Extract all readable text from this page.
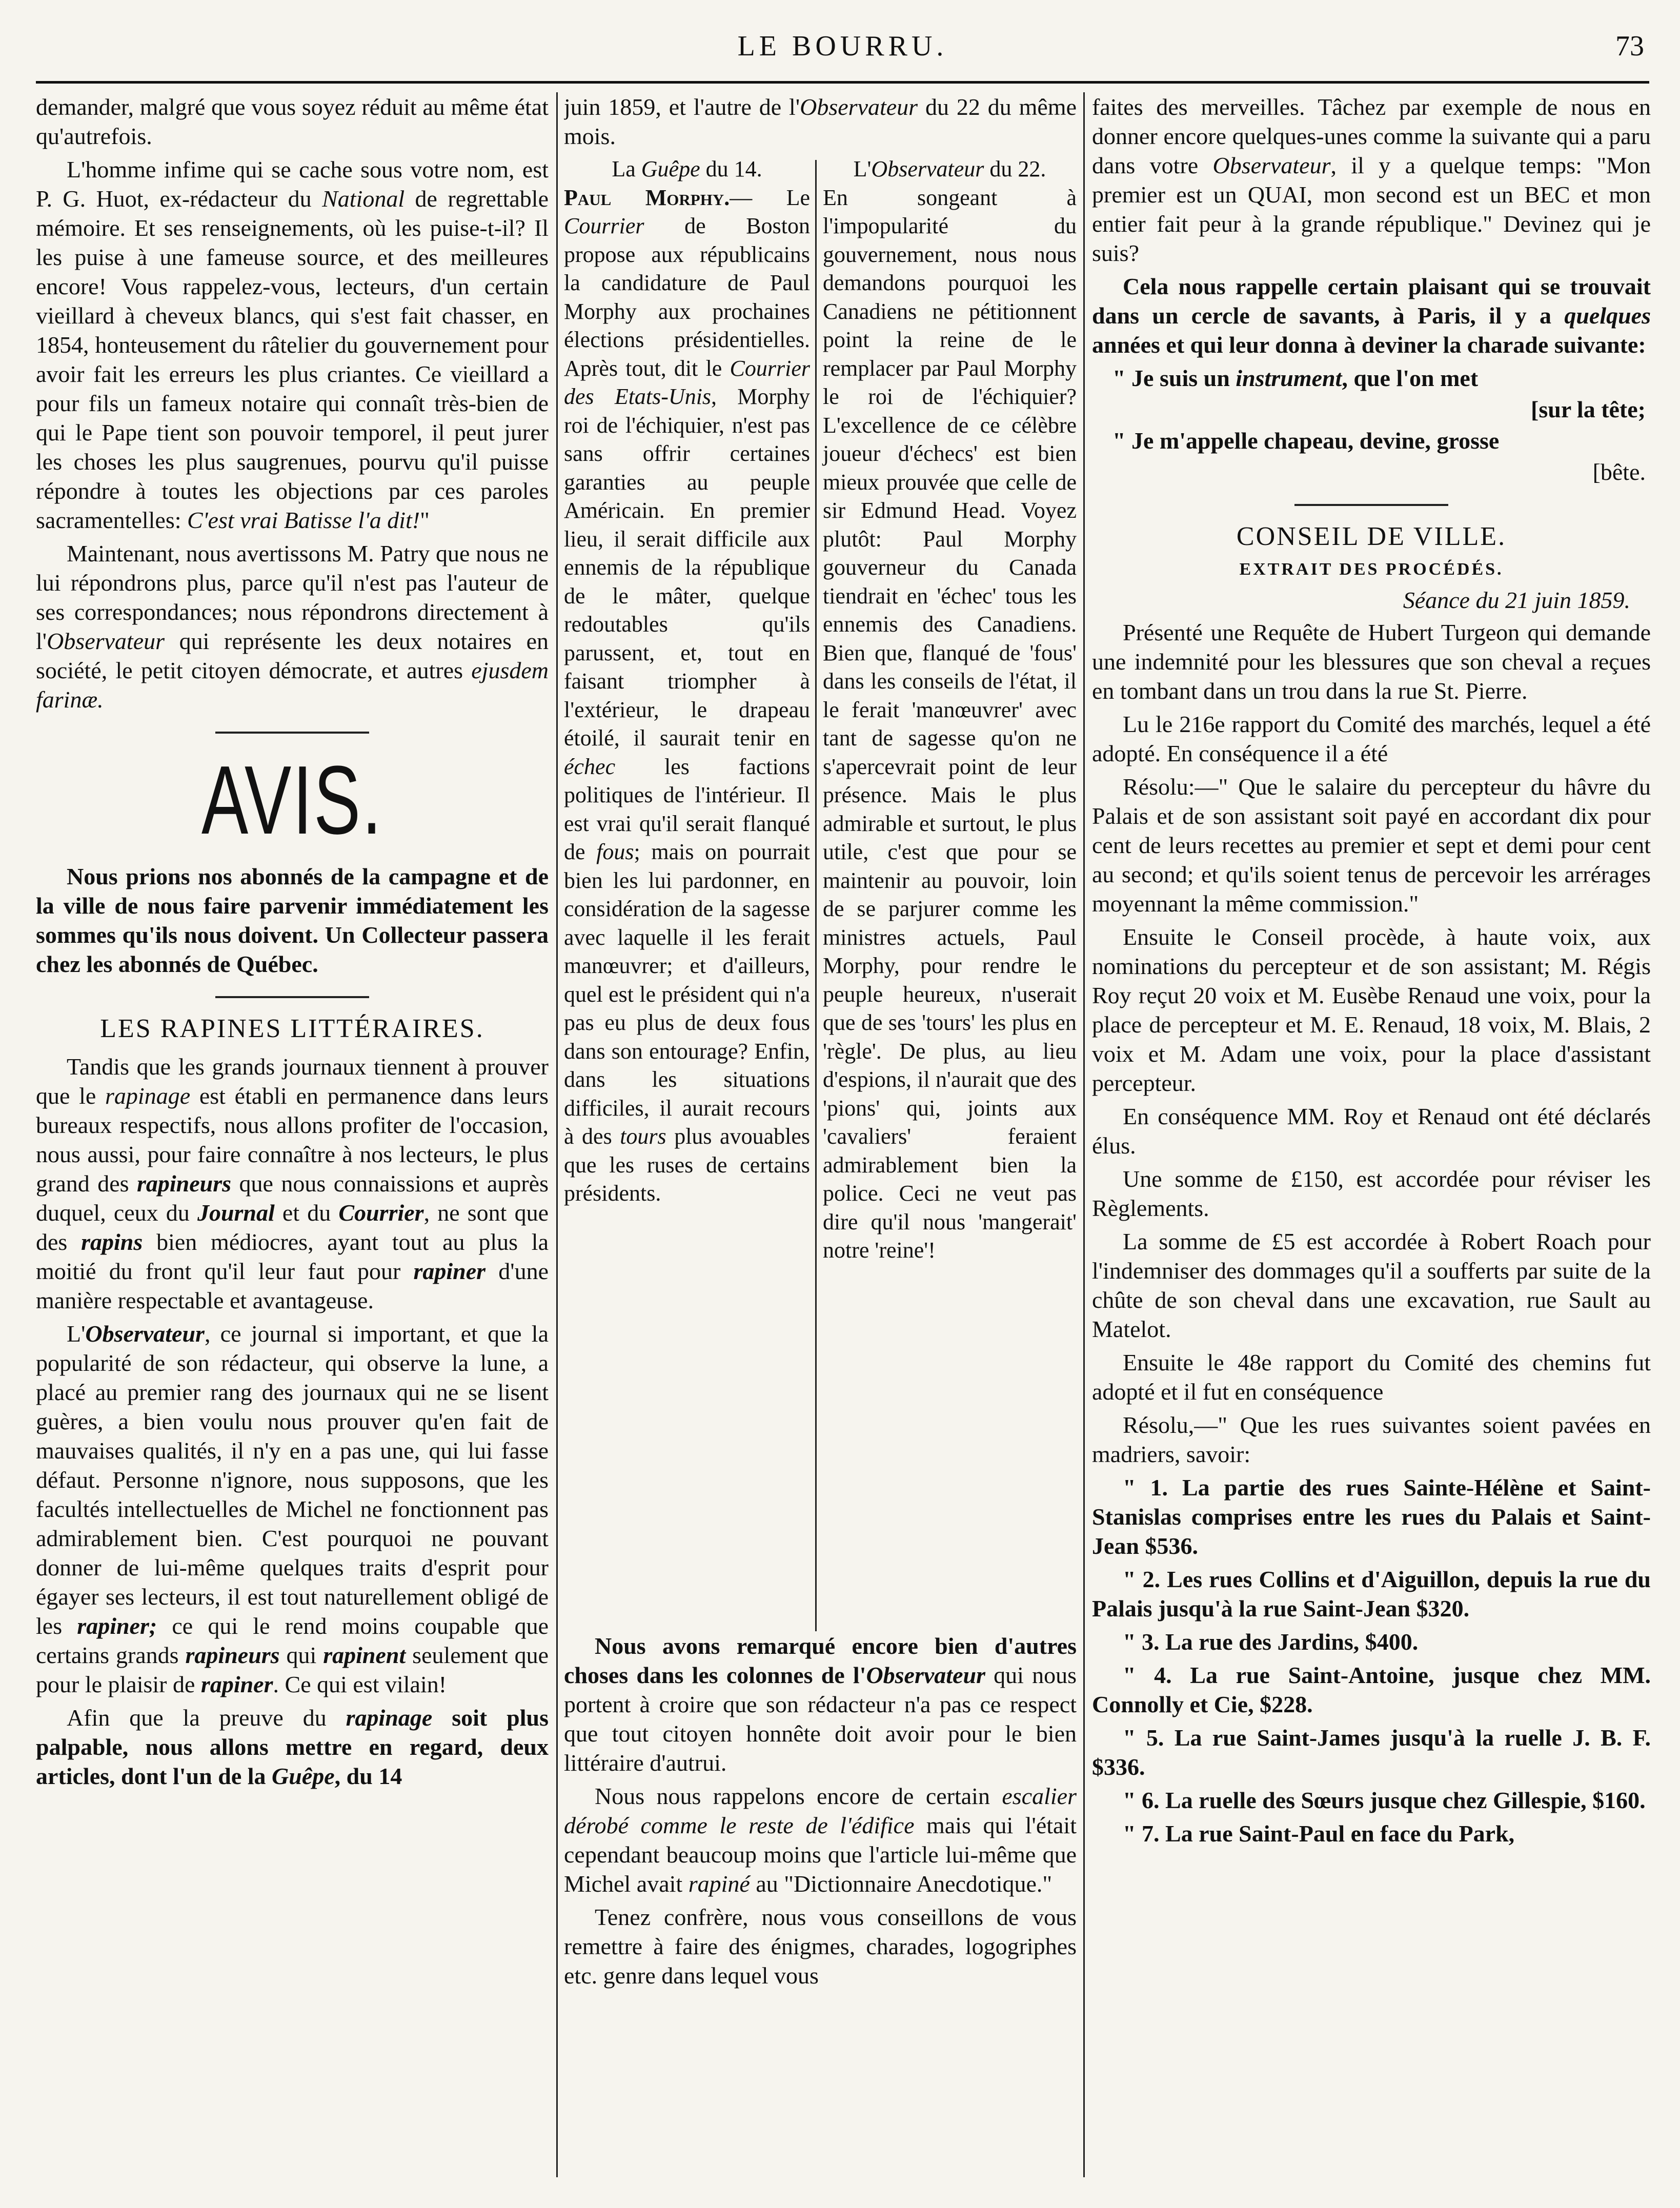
LE BOURRU.	73

demander, malgré que vous soyez réduit au même état qu'autrefois.

L'homme infime qui se cache sous votre nom, est P. G. Huot, ex-rédacteur du National de regrettable mémoire. Et ses renseignements, où les puise-t-il? Il les puise à une fameuse source, et des meilleures encore! Vous rappelez-vous, lecteurs, d'un certain vieillard à cheveux blancs, qui s'est fait chasser, en 1854, honteusement du râtelier du gouvernement pour avoir fait les erreurs les plus criantes. Ce vieillard a pour fils un fameux notaire qui connaît très-bien de qui le Pape tient son pouvoir temporel, il peut jurer les choses les plus saugrenues, pourvu qu'il puisse répondre à toutes les objections par ces paroles sacramentelles: C'est vrai Batisse l'a dit!"

Maintenant, nous avertissons M. Patry que nous ne lui répondrons plus, parce qu'il n'est pas l'auteur de ses correspondances; nous répondrons directement à l'Observateur qui représente les deux notaires en société, le petit citoyen démocrate, et autres ejusdem farinæ.

AVIS.

Nous prions nos abonnés de la campagne et de la ville de nous faire parvenir immédiatement les sommes qu'ils nous doivent. Un Collecteur passera chez les abonnés de Québec.

LES RAPINES LITTÉRAIRES.

Tandis que les grands journaux tiennent à prouver que le rapinage est établi en permanence dans leurs bureaux respectifs, nous allons profiter de l'occasion, nous aussi, pour faire connaître à nos lecteurs, le plus grand des rapineurs que nous connaissions et auprès duquel, ceux du Journal et du Courrier, ne sont que des rapins bien médiocres, ayant tout au plus la moitié du front qu'il leur faut pour rapiner d'une manière respectable et avantageuse.

L'Observateur, ce journal si important, et que la popularité de son rédacteur, qui observe la lune, a placé au premier rang des journaux qui ne se lisent guères, a bien voulu nous prouver qu'en fait de mauvaises qualités, il n'y en a pas une, qui lui fasse défaut. Personne n'ignore, nous supposons, que les facultés intellectuelles de Michel ne fonctionnent pas admirablement bien. C'est pourquoi ne pouvant donner de lui-même quelques traits d'esprit pour égayer ses lecteurs, il est tout naturellement obligé de les rapiner; ce qui le rend moins coupable que certains grands rapineurs qui rapinent seulement que pour le plaisir de rapiner. Ce qui est vilain!

Afin que la preuve du rapinage soit plus palpable, nous allons mettre en regard, deux articles, dont l'un de la Guêpe, du 14

juin 1859, et l'autre de l'Observateur du 22 du même mois.

La Guêpe du 14.

Paul Morphy.— Le Courrier de Boston propose aux républicains la candidature de Paul Morphy aux prochaines élections présidentielles. Après tout, dit le Courrier des Etats-Unis, Morphy roi de l'échiquier, n'est pas sans offrir certaines garanties au peuple Américain. En premier lieu, il serait difficile aux ennemis de la république de le mâter, quelque redoutables qu'ils parussent, et, tout en faisant triompher à l'extérieur, le drapeau étoilé, il saurait tenir en échec les factions politiques de l'intérieur. Il est vrai qu'il serait flanqué de fous; mais on pourrait bien les lui pardonner, en considération de la sagesse avec laquelle il les ferait manœuvrer; et d'ailleurs, quel est le président qui n'a pas eu plus de deux fous dans son entourage? Enfin, dans les situations difficiles, il aurait recours à des tours plus avouables que les ruses de certains présidents.

L'Observateur du 22.

En songeant à l'impopularité du gouvernement, nous nous demandons pourquoi les Canadiens ne pétitionnent point la reine de le remplacer par Paul Morphy le roi de l'échiquier? L'excellence de ce célèbre joueur d'échecs' est bien mieux prouvée que celle de sir Edmund Head. Voyez plutôt: Paul Morphy gouverneur du Canada tiendrait en 'échec' tous les ennemis des Canadiens. Bien que, flanqué de 'fous' dans les conseils de l'état, il le ferait 'manœuvrer' avec tant de sagesse qu'on ne s'apercevrait point de leur présence. Mais le plus admirable et surtout, le plus utile, c'est que pour se maintenir au pouvoir, loin de se parjurer comme les ministres actuels, Paul Morphy, pour rendre le peuple heureux, n'userait que de ses 'tours' les plus en 'règle'. De plus, au lieu d'espions, il n'aurait que des 'pions' qui, joints aux 'cavaliers' feraient admirablement bien la police. Ceci ne veut pas dire qu'il nous 'mangerait' notre 'reine'!

Nous avons remarqué encore bien d'autres choses dans les colonnes de l'Observateur qui nous portent à croire que son rédacteur n'a pas ce respect que tout citoyen honnête doit avoir pour le bien littéraire d'autrui.

Nous nous rappelons encore de certain escalier dérobé comme le reste de l'édifice mais qui l'était cependant beaucoup moins que l'article lui-même que Michel avait rapiné au "Dictionnaire Anecdotique."

Tenez confrère, nous vous conseillons de vous remettre à faire des énigmes, charades, logogriphes etc. genre dans lequel vous

faites des merveilles. Tâchez par exemple de nous en donner encore quelques-unes comme la suivante qui a paru dans votre Observateur, il y a quelque temps: "Mon premier est un QUAI, mon second est un BEC et mon entier fait peur à la grande république." Devinez qui je suis?

Cela nous rappelle certain plaisant qui se trouvait dans un cercle de savants, à Paris, il y a quelques années et qui leur donna à deviner la charade suivante:

" Je suis un instrument, que l'on met
[sur la tête;
" Je m'appelle chapeau, devine, grosse
[bête.
CONSEIL DE VILLE.
EXTRAIT DES PROCÉDÉS.
Séance du 21 juin 1859.

Présenté une Requête de Hubert Turgeon qui demande une indemnité pour les blessures que son cheval a reçues en tombant dans un trou dans la rue St. Pierre.

Lu le 216e rapport du Comité des marchés, lequel a été adopté. En conséquence il a été

Résolu:—" Que le salaire du percepteur du hâvre du Palais et de son assistant soit payé en accordant dix pour cent de leurs recettes au premier et sept et demi pour cent au second; et qu'ils soient tenus de percevoir les arrérages moyennant la même commission."

Ensuite le Conseil procède, à haute voix, aux nominations du percepteur et de son assistant; M. Régis Roy reçut 20 voix et M. Eusèbe Renaud une voix, pour la place de percepteur et M. E. Renaud, 18 voix, M. Blais, 2 voix et M. Adam une voix, pour la place d'assistant percepteur.

En conséquence MM. Roy et Renaud ont été déclarés élus.

Une somme de £150, est accordée pour réviser les Règlements.

La somme de £5 est accordée à Robert Roach pour l'indemniser des dommages qu'il a soufferts par suite de la chûte de son cheval dans une excavation, rue Sault au Matelot.

Ensuite le 48e rapport du Comité des chemins fut adopté et il fut en conséquence

Résolu,—" Que les rues suivantes soient pavées en madriers, savoir:

" 1. La partie des rues Sainte-Hélène et Saint-Stanislas comprises entre les rues du Palais et Saint-Jean $536.

" 2. Les rues Collins et d'Aiguillon, depuis la rue du Palais jusqu'à la rue Saint-Jean $320.

" 3. La rue des Jardins, $400.

" 4. La rue Saint-Antoine, jusque chez MM. Connolly et Cie, $228.

" 5. La rue Saint-James jusqu'à la ruelle J. B. F. $336.

" 6. La ruelle des Sœurs jusque chez Gillespie, $160.

" 7. La rue Saint-Paul en face du Park,
